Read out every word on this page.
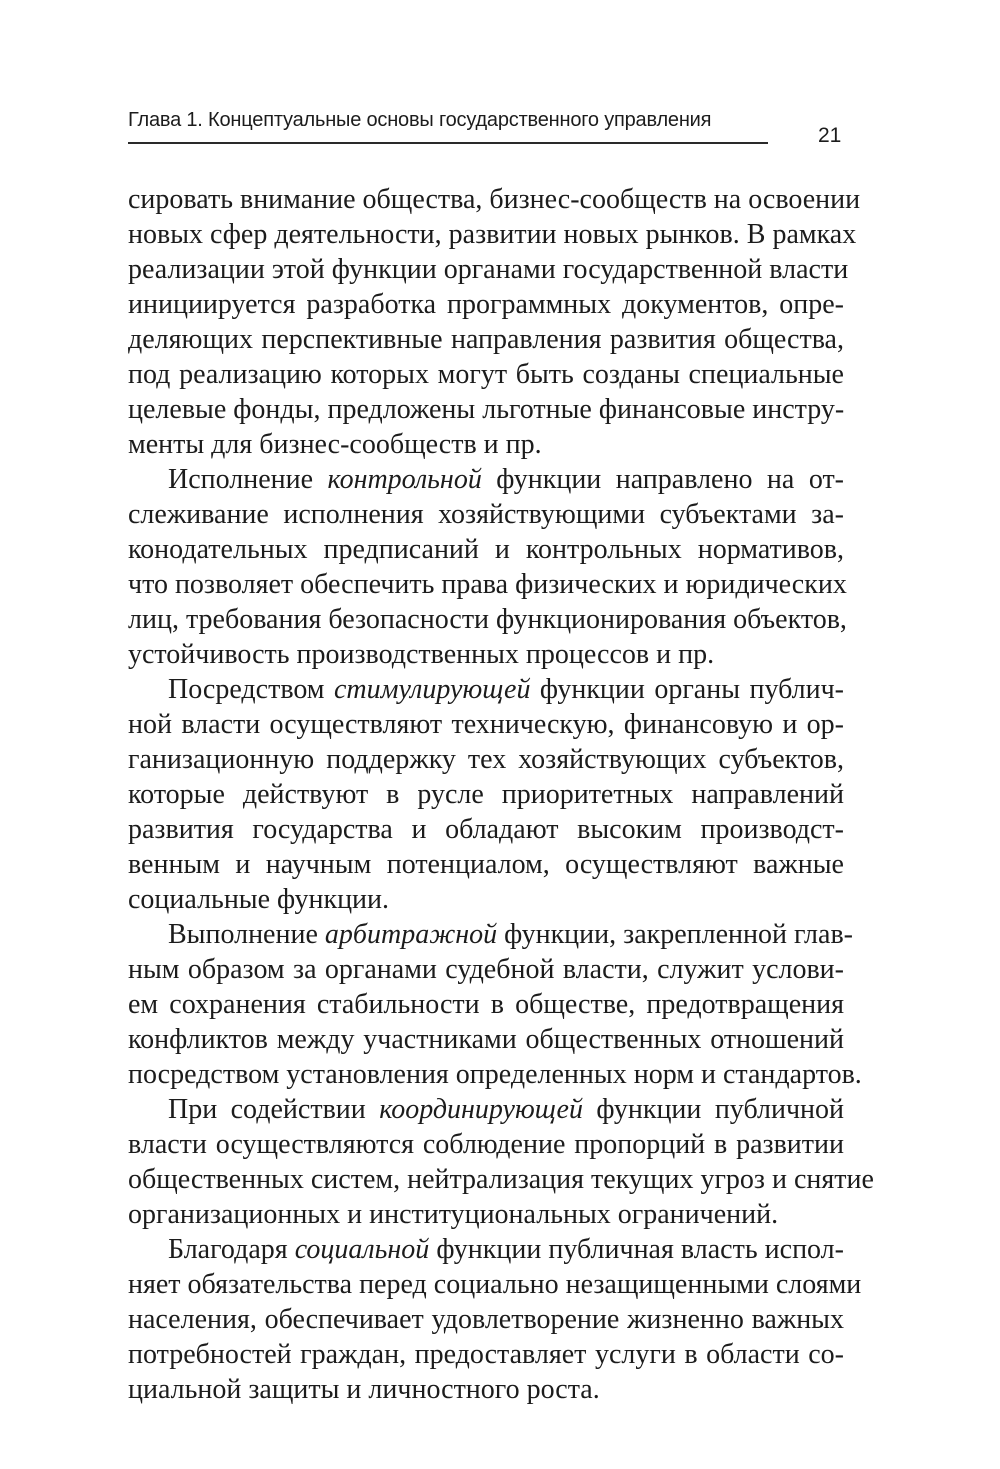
Глава 1. Концептуальные основы государственного управления
21

сировать внимание общества, бизнес-сообществ на освоении
новых сфер деятельности, развитии новых рынков. В рамках
реализации этой функции органами государственной власти
инициируется разработка программных документов, опре-
деляющих перспективные направления развития общества,
под реализацию которых могут быть созданы специальные
целевые фонды, предложены льготные финансовые инстру-
менты для бизнес-сообществ и пр.

Исполнение контрольной функции направлено на от-
слеживание исполнения хозяйствующими субъектами за-
конодательных предписаний и контрольных нормативов,
что позволяет обеспечить права физических и юридических
лиц, требования безопасности функционирования объектов,
устойчивость производственных процессов и пр.

Посредством стимулирующей функции органы публич-
ной власти осуществляют техническую, финансовую и ор-
ганизационную поддержку тех хозяйствующих субъектов,
которые действуют в русле приоритетных направлений
развития государства и обладают высоким производст-
венным и научным потенциалом, осуществляют важные
социальные функции.

Выполнение арбитражной функции, закрепленной глав-
ным образом за органами судебной власти, служит услови-
ем сохранения стабильности в обществе, предотвращения
конфликтов между участниками общественных отношений
посредством установления определенных норм и стандартов.

При содействии координирующей функции публичной
власти осуществляются соблюдение пропорций в развитии
общественных систем, нейтрализация текущих угроз и снятие
организационных и институциональных ограничений.

Благодаря социальной функции публичная власть испол-
няет обязательства перед социально незащищенными слоями
населения, обеспечивает удовлетворение жизненно важных
потребностей граждан, предоставляет услуги в области со-
циальной защиты и личностного роста.
